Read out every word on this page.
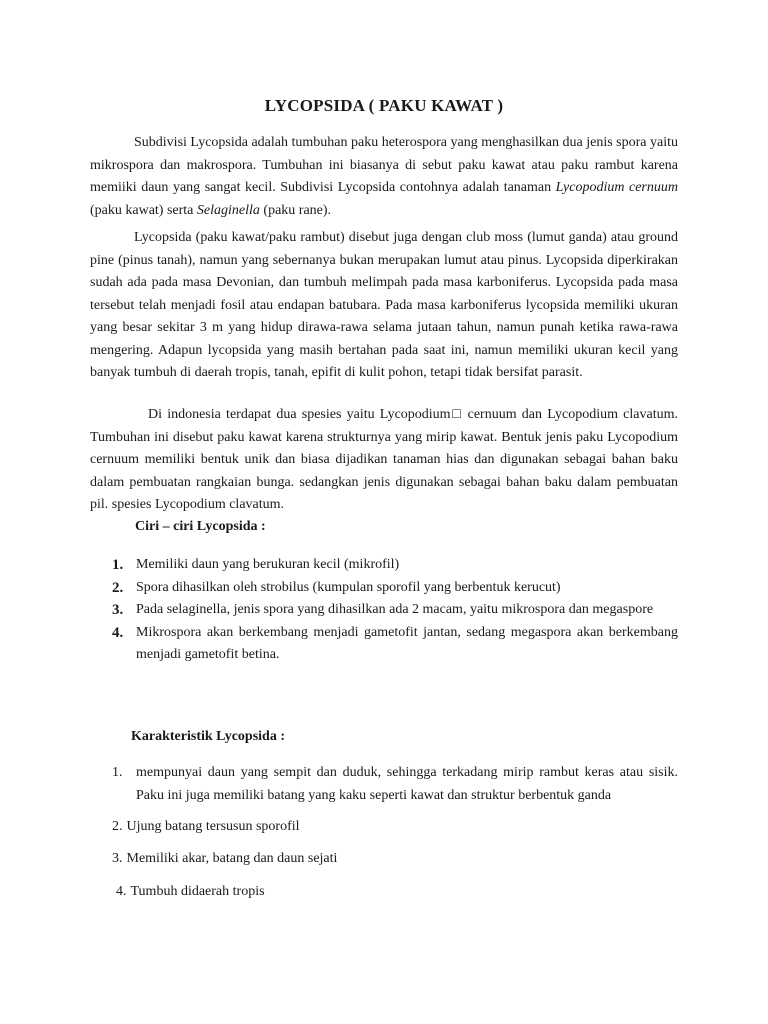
LYCOPSIDA ( PAKU KAWAT )

Subdivisi Lycopsida adalah tumbuhan paku heterospora yang menghasilkan dua jenis spora yaitu mikrospora dan makrospora. Tumbuhan ini biasanya di sebut paku kawat atau paku rambut karena memiiki daun yang sangat kecil. Subdivisi Lycopsida contohnya adalah tanaman Lycopodium cernuum (paku kawat) serta Selaginella (paku rane).

Lycopsida (paku kawat/paku rambut) disebut juga dengan club moss (lumut ganda) atau ground pine (pinus tanah), namun yang sebernanya bukan merupakan lumut atau pinus. Lycopsida diperkirakan sudah ada pada masa Devonian, dan tumbuh melimpah pada masa karboniferus. Lycopsida pada masa tersebut telah menjadi fosil atau endapan batubara. Pada masa karboniferus lycopsida memiliki ukuran yang besar sekitar 3 m yang hidup dirawa-rawa selama jutaan tahun, namun punah ketika rawa-rawa mengering. Adapun lycopsida yang masih bertahan pada saat ini, namun memiliki ukuran kecil yang banyak tumbuh di daerah tropis, tanah, epifit di kulit pohon, tetapi tidak bersifat parasit.

Di indonesia terdapat dua spesies yaitu Lycopodium□ cernuum dan Lycopodium clavatum. Tumbuhan ini disebut paku kawat karena strukturnya yang mirip kawat. Bentuk jenis paku Lycopodium cernuum memiliki bentuk unik dan biasa dijadikan tanaman hias dan digunakan sebagai bahan baku dalam pembuatan rangkaian bunga. sedangkan jenis digunakan sebagai bahan baku dalam pembuatan pil. spesies Lycopodium clavatum.

Ciri – ciri Lycopsida :
1. Memiliki daun yang berukuran kecil (mikrofil)
2. Spora dihasilkan oleh strobilus (kumpulan sporofil yang berbentuk kerucut)
3. Pada selaginella, jenis spora yang dihasilkan ada 2 macam, yaitu mikrospora dan megaspore
4. Mikrospora akan berkembang menjadi gametofit jantan, sedang megaspora akan berkembang menjadi gametofit betina.
Karakteristik Lycopsida :
1. mempunyai daun yang sempit dan duduk, sehingga terkadang mirip rambut keras atau sisik. Paku ini juga memiliki batang yang kaku seperti kawat dan struktur berbentuk ganda
2. Ujung batang tersusun sporofil
3. Memiliki akar, batang dan daun sejati
4. Tumbuh didaerah tropis
